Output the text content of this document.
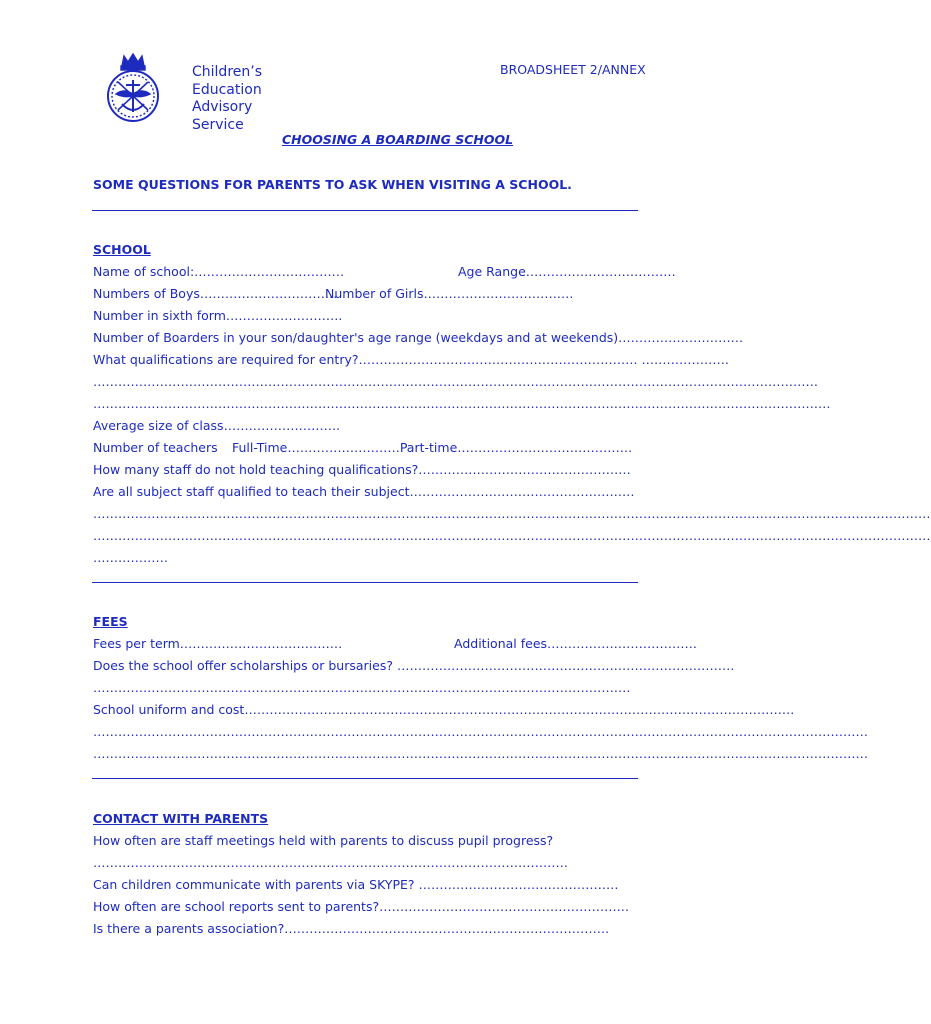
Children’s
Education
Advisory
Service
BROADSHEET 2/ANNEX
CHOOSING A BOARDING SCHOOL
SOME QUESTIONS FOR PARENTS TO ASK WHEN VISITING A SCHOOL.
SCHOOL
Name of school:………………………………	Age Range………………………………
Numbers of Boys……………………………
Number of Girls………………………………
Number in sixth form……………………….
Number of Boarders in your son/daughter's age range (weekdays and at weekends)…………………………
What qualifications are required for entry?…………………………………………………………. …………………
…………………………………………………………………………………………………………………………………………………………
……………………………………………………………………………………………………………………………………………………………
Average size of class……………………….
Number of teachers Full-Time………………………Part-time……………………………………
How many staff do not hold teaching qualifications?……………………………………………
Are all subject staff qualified to teach their subject………………………………………………
…………………………………………………………………………………………………………………………………………………………………………………
…………………………………………………………………………………………………………………………………………………………………………………
………………
FEES
Fees per term…………………………………	Additional fees………………………………
Does the school offer scholarships or bursaries? ………………………………………………………………………
…………………………………………………………………………………………………………………
School uniform and cost……………………………………………………………………………………………………………………
……………………………………………………………………………………………………………………………………………………………………
……………………………………………………………………………………………………………………………………………………………………
CONTACT WITH PARENTS
How often are staff meetings held with parents to discuss pupil progress?
……………………………………………………………………………………………………
Can children communicate with parents via SKYPE? …………………………………………
How often are school reports sent to parents?……………………………………………………
Is there a parents association?……………………………………………………………………
